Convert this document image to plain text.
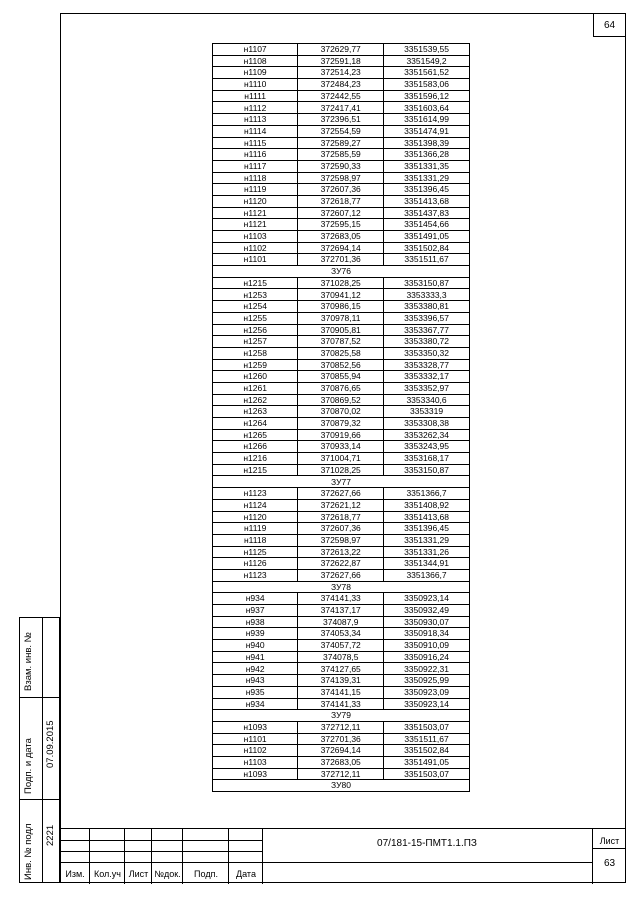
64
н1107	372629,77	3351539,55
н1108	372591,18	3351549,2
н1109	372514,23	3351561,52
н1110	372484,23	3351583,06
н1111	372442,55	3351596,12
н1112	372417,41	3351603,64
н1113	372396,51	3351614,99
н1114	372554,59	3351474,91
н1115	372589,27	3351398,39
н1116	372585,59	3351366,28
н1117	372590,33	3351331,35
н1118	372598,97	3351331,29
н1119	372607,36	3351396,45
н1120	372618,77	3351413,68
н1121	372607,12	3351437,83
н1121	372595,15	3351454,66
н1103	372683,05	3351491,05
н1102	372694,14	3351502,84
н1101	372701,36	3351511,67
ЗУ76		
н1215	371028,25	3353150,87
н1253	370941,12	3353333,3
н1254	370986,15	3353380,81
н1255	370978,11	3353396,57
н1256	370905,81	3353367,77
н1257	370787,52	3353380,72
н1258	370825,58	3353350,32
н1259	370852,56	3353328,77
н1260	370855,94	3353332,17
н1261	370876,65	3353352,97
н1262	370869,52	3353340,6
н1263	370870,02	3353319
н1264	370879,32	3353308,38
н1265	370919,66	3353262,34
н1266	370933,14	3353243,95
н1216	371004,71	3353168,17
н1215	371028,25	3353150,87
ЗУ77		
н1123	372627,66	3351366,7
н1124	372621,12	3351408,92
н1120	372618,77	3351413,68
н1119	372607,36	3351396,45
н1118	372598,97	3351331,29
н1125	372613,22	3351331,26
н1126	372622,87	3351344,91
н1123	372627,66	3351366,7
ЗУ78		
н934	374141,33	3350923,14
н937	374137,17	3350932,49
н938	374087,9	3350930,07
н939	374053,34	3350918,34
н940	374057,72	3350910,09
н941	374078,5	3350916,24
н942	374127,65	3350922,31
н943	374139,31	3350925,99
н935	374141,15	3350923,09
н934	374141,33	3350923,14
ЗУ79		
н1093	372712,11	3351503,07
н1101	372701,36	3351511,67
н1102	372694,14	3351502,84
н1103	372683,05	3351491,05
н1093	372712,11	3351503,07
ЗУ80		
Взам. инв. №
Подп. и дата 07.09.2015
Инв. № подл 2221
Изм.	Кол.уч Лист №док.	Подп.	Дата
07/181-15-ПМТ1.1.ПЗ	Лист
63
